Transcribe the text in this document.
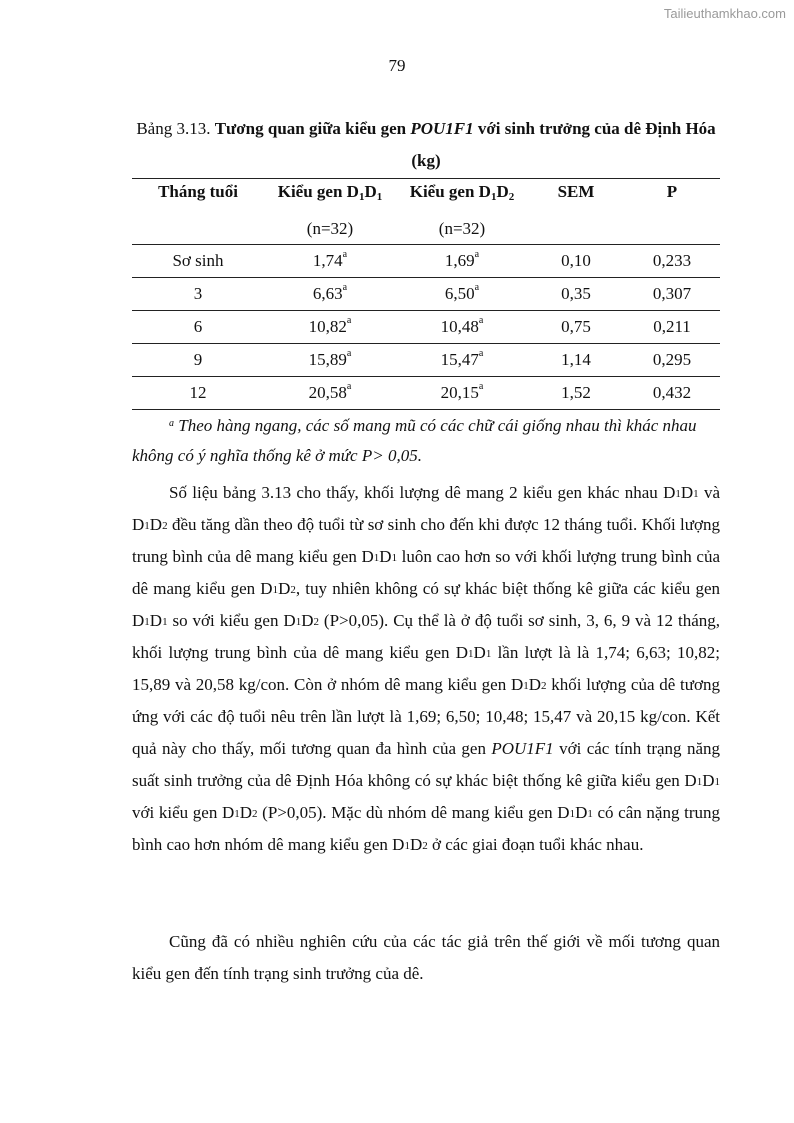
Tailieuthamkhao.com
79
Bảng 3.13. Tương quan giữa kiểu gen POU1F1 với sinh trưởng của dê Định Hóa (kg)
Tháng tuổi	Kiểu gen $D_1D_1$	Kiểu gen $D_1D_2$	SEM	P
	(n=32)	(n=32)		
Sơ sinh	1,74$^a$	1,69$^a$	0,10	0,233
3	6,63$^a$	6,50$^a$	0,35	0,307
6	10,82$^a$	10,48$^a$	0,75	0,211
9	15,89$^a$	15,47$^a$	1,14	0,295
12	20,58$^a$	20,15$^a$	1,52	0,432
$^a$ Theo hàng ngang, các số mang mũ có các chữ cái giống nhau thì khác nhau không có ý nghĩa thống kê ở mức P> 0,05.
Số liệu bảng 3.13 cho thấy, khối lượng dê mang 2 kiểu gen khác nhau $D_1D_1$ và $D_1D_2$ đều tăng dần theo độ tuổi từ sơ sinh cho đến khi được 12 tháng tuổi. Khối lượng trung bình của dê mang kiểu gen $D_1D_1$ luôn cao hơn so với khối lượng trung bình của dê mang kiểu gen $D_1D_2$, tuy nhiên không có sự khác biệt thống kê giữa các kiểu gen $D_1D_1$ so với kiểu gen $D_1D_2$ (P>0,05). Cụ thể là ở độ tuổi sơ sinh, 3, 6, 9 và 12 tháng, khối lượng trung bình của dê mang kiểu gen $D_1D_1$ lần lượt là là 1,74; 6,63; 10,82; 15,89 và 20,58 kg/con. Còn ở nhóm dê mang kiểu gen $D_1D_2$ khối lượng của dê tương ứng với các độ tuổi nêu trên lần lượt là 1,69; 6,50; 10,48; 15,47 và 20,15 kg/con. Kết quả này cho thấy, mối tương quan đa hình của gen POU1F1 với các tính trạng năng suất sinh trưởng của dê Định Hóa không có sự khác biệt thống kê giữa kiểu gen $D_1D_1$ với kiểu gen $D_1D_2$ (P>0,05). Mặc dù nhóm dê mang kiểu gen $D_1D_1$ có cân nặng trung bình cao hơn nhóm dê mang kiểu gen $D_1D_2$ ở các giai đoạn tuổi khác nhau.
Cũng đã có nhiều nghiên cứu của các tác giả trên thế giới về mối tương quan kiểu gen đến tính trạng sinh trưởng của dê.
